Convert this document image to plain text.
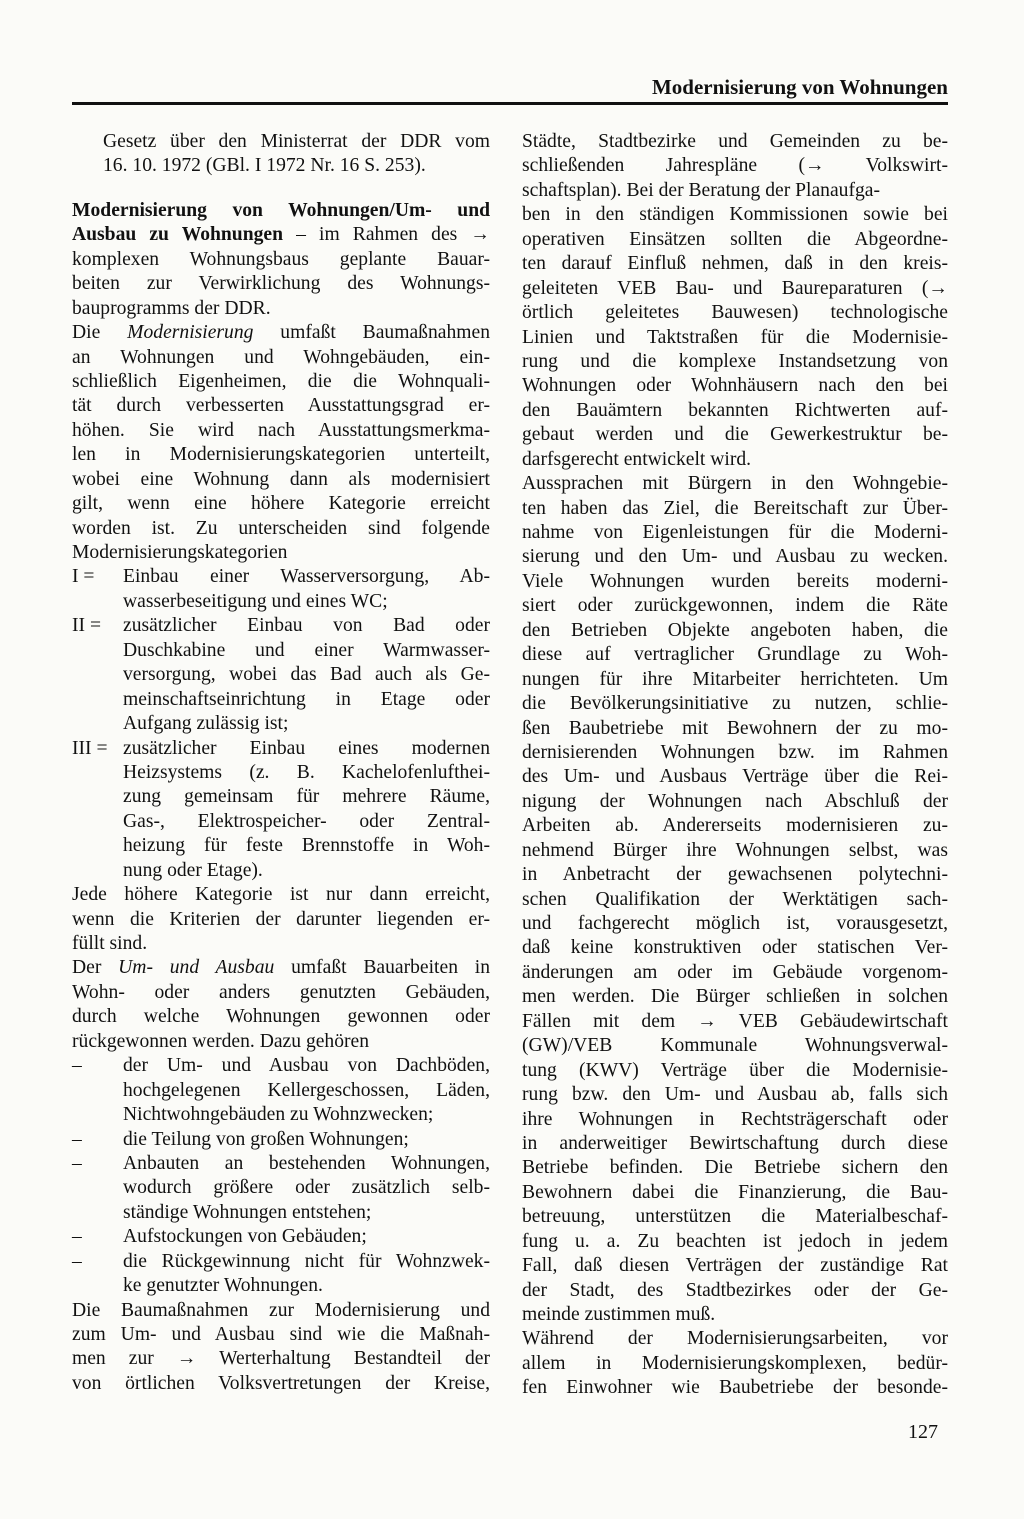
Modernisierung von Wohnungen
Gesetz über den Ministerrat der DDR vom
16. 10. 1972 (GBl. I 1972 Nr. 16 S. 253).
Modernisierung von Wohnungen/Um- und
Ausbau zu Wohnungen – im Rahmen des →
komplexen Wohnungsbaus geplante Bauar-
beiten zur Verwirklichung des Wohnungs-
bauprogramms der DDR.
Die Modernisierung umfaßt Baumaßnahmen
an Wohnungen und Wohngebäuden, ein-
schließlich Eigenheimen, die die Wohnquali-
tät durch verbesserten Ausstattungsgrad er-
höhen. Sie wird nach Ausstattungsmerkma-
len in Modernisierungskategorien unterteilt,
wobei eine Wohnung dann als modernisiert
gilt, wenn eine höhere Kategorie erreicht
worden ist. Zu unterscheiden sind folgende
Modernisierungskategorien
I =	Einbau einer Wasserversorgung, Ab-
wasserbeseitigung und eines WC;
II =	zusätzlicher Einbau von Bad oder
Duschkabine und einer Warmwasser-
versorgung, wobei das Bad auch als Ge-
meinschaftseinrichtung in Etage oder
Aufgang zulässig ist;
III = zusätzlicher Einbau eines modernen
Heizsystems (z. B. Kachelofenlufthei-
zung gemeinsam für mehrere Räume,
Gas-, Elektrospeicher- oder Zentral-
heizung für feste Brennstoffe in Woh-
nung oder Etage).
Jede höhere Kategorie ist nur dann erreicht,
wenn die Kriterien der darunter liegenden er-
füllt sind.
Der Um- und Ausbau umfaßt Bauarbeiten in
Wohn- oder anders genutzten Gebäuden,
durch welche Wohnungen gewonnen oder
rückgewonnen werden. Dazu gehören
–	der Um- und Ausbau von Dachböden,
hochgelegenen Kellergeschossen, Läden,
Nichtwohngebäuden zu Wohnzwecken;
–	die Teilung von großen Wohnungen;
–	Anbauten an bestehenden Wohnungen,
wodurch größere oder zusätzlich selb-
ständige Wohnungen entstehen;
–	Aufstockungen von Gebäuden;
–	die Rückgewinnung nicht für Wohnzwek-
ke genutzter Wohnungen.
Die Baumaßnahmen zur Modernisierung und
zum Um- und Ausbau sind wie die Maßnah-
men zur → Werterhaltung Bestandteil der
von örtlichen Volksvertretungen der Kreise,
Städte, Stadtbezirke und Gemeinden zu be-
schließenden Jahrespläne (→ Volkswirt-
schaftsplan). Bei der Beratung der Planaufga-
ben in den ständigen Kommissionen sowie bei
operativen Einsätzen sollten die Abgeordne-
ten darauf Einfluß nehmen, daß in den kreis-
geleiteten VEB Bau- und Baureparaturen (→
örtlich geleitetes Bauwesen) technologische
Linien und Taktstraßen für die Modernisie-
rung und die komplexe Instandsetzung von
Wohnungen oder Wohnhäusern nach den bei
den Bauämtern bekannten Richtwerten auf-
gebaut werden und die Gewerkestruktur be-
darfsgerecht entwickelt wird.
Aussprachen mit Bürgern in den Wohngebie-
ten haben das Ziel, die Bereitschaft zur Über-
nahme von Eigenleistungen für die Moderni-
sierung und den Um- und Ausbau zu wecken.
Viele Wohnungen wurden bereits moderni-
siert oder zurückgewonnen, indem die Räte
den Betrieben Objekte angeboten haben, die
diese auf vertraglicher Grundlage zu Woh-
nungen für ihre Mitarbeiter herrichteten. Um
die Bevölkerungsinitiative zu nutzen, schlie-
ßen Baubetriebe mit Bewohnern der zu mo-
dernisierenden Wohnungen bzw. im Rahmen
des Um- und Ausbaus Verträge über die Rei-
nigung der Wohnungen nach Abschluß der
Arbeiten ab. Andererseits modernisieren zu-
nehmend Bürger ihre Wohnungen selbst, was
in Anbetracht der gewachsenen polytechni-
schen Qualifikation der Werktätigen sach-
und fachgerecht möglich ist, vorausgesetzt,
daß keine konstruktiven oder statischen Ver-
änderungen am oder im Gebäude vorgenom-
men werden. Die Bürger schließen in solchen
Fällen mit dem → VEB Gebäudewirtschaft
(GW)/VEB Kommunale Wohnungsverwal-
tung (KWV) Verträge über die Modernisie-
rung bzw. den Um- und Ausbau ab, falls sich
ihre Wohnungen in Rechtsträgerschaft oder
in anderweitiger Bewirtschaftung durch diese
Betriebe befinden. Die Betriebe sichern den
Bewohnern dabei die Finanzierung, die Bau-
betreuung, unterstützen die Materialbeschaf-
fung u. a. Zu beachten ist jedoch in jedem
Fall, daß diesen Verträgen der zuständige Rat
der Stadt, des Stadtbezirkes oder der Ge-
meinde zustimmen muß.
Während der Modernisierungsarbeiten, vor
allem in Modernisierungskomplexen, bedür-
fen Einwohner wie Baubetriebe der besonde-
127
